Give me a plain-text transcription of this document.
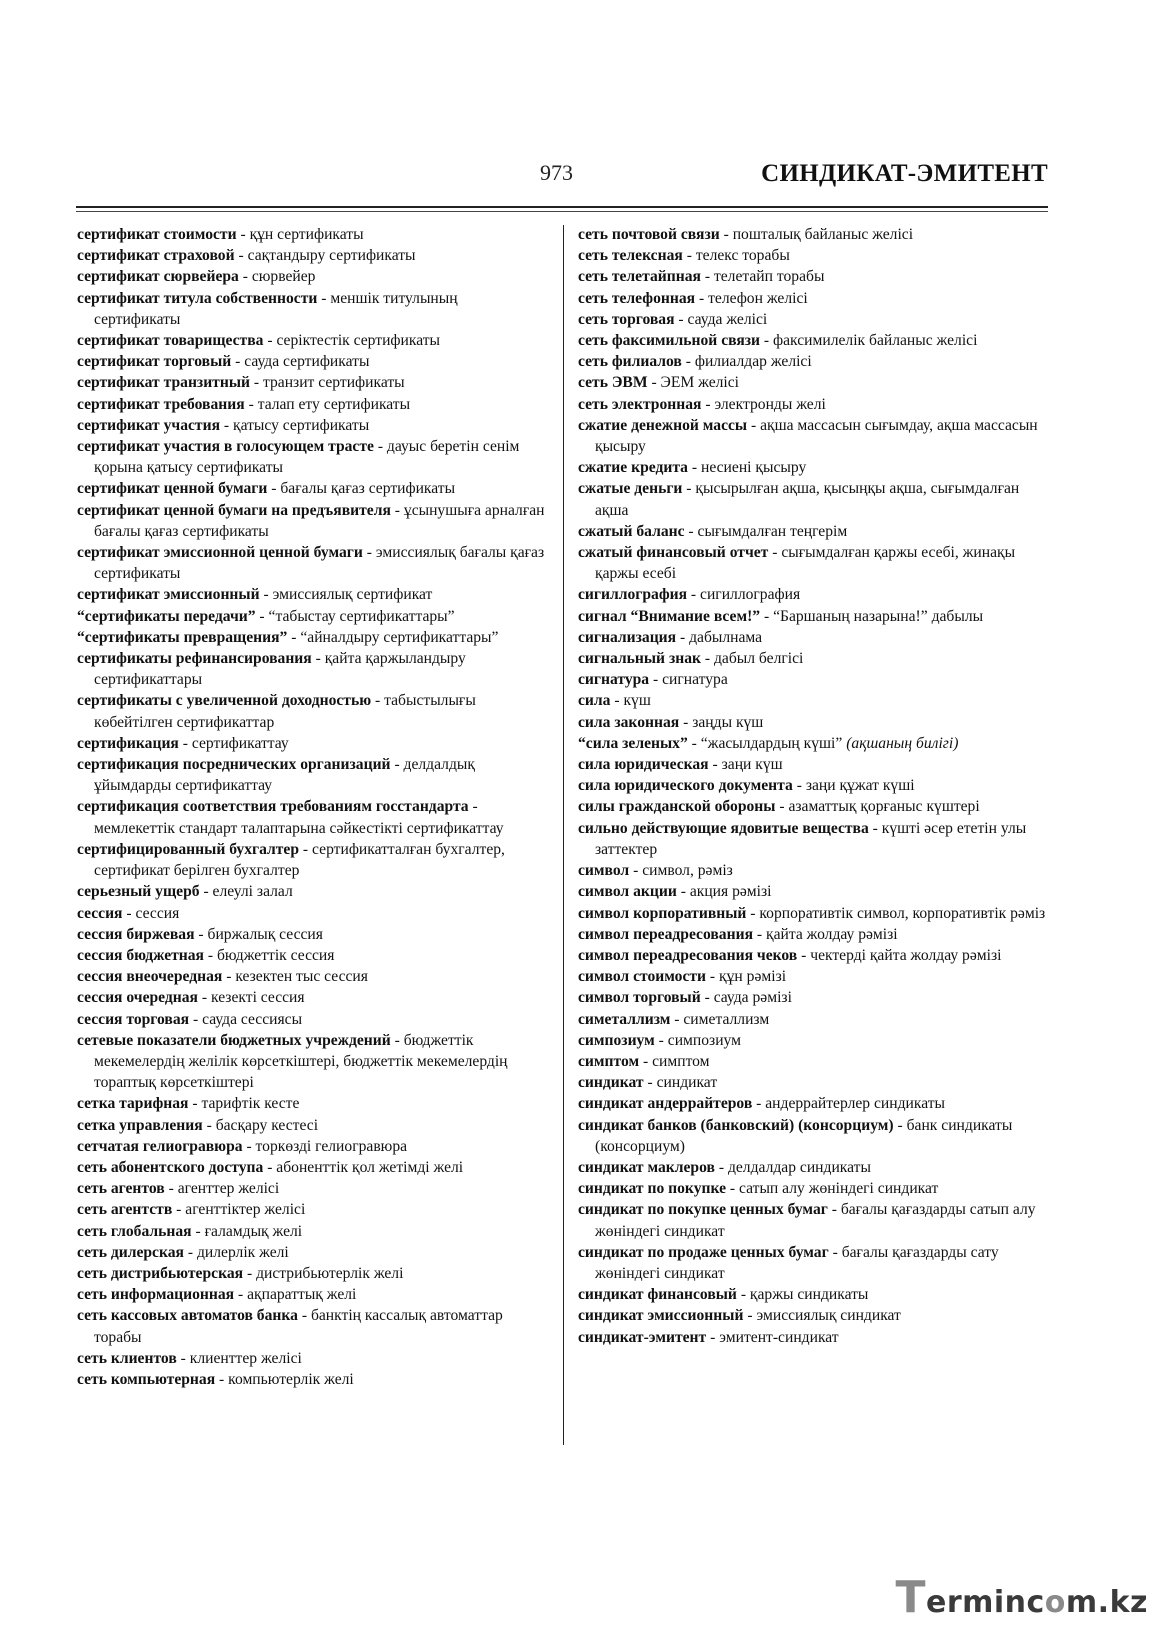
973	СИНДИКАТ-ЭМИТЕНТ

сертификат стоимости - құн сертификаты

сертификат страховой - сақтандыру сертификаты

сертификат сюрвейера - сюрвейер

сертификат титула собственности - меншік титулының сертификаты

сертификат товарищества - серіктестік сертификаты

сертификат торговый - сауда сертификаты

сертификат транзитный - транзит сертификаты

сертификат требования - талап ету сертификаты

сертификат участия - қатысу сертификаты

сертификат участия в голосующем трасте - дауыс беретін сенім қорына қатысу сертификаты

сертификат ценной бумаги - бағалы қағаз сертификаты

сертификат ценной бумаги на предъявителя - ұсынушыға арналған бағалы қағаз сертификаты

сертификат эмиссионной ценной бумаги - эмиссиялық бағалы қағаз сертификаты

сертификат эмиссионный - эмиссиялық сертификат

“сертификаты передачи” - “табыстау сертификаттары”

“сертификаты превращения” - “айналдыру сертификаттары”

сертификаты рефинансирования - қайта қаржыландыру сертификаттары

сертификаты с увеличенной доходностью - табыстылығы көбейтілген сертификаттар

сертификация - сертификаттау

сертификация посреднических организаций - делдалдық ұйымдарды сертификаттау

сертификация соответствия требованиям госстандарта - мемлекеттік стандарт талаптарына сәйкестікті сертификаттау

сертифицированный бухгалтер - сертификатталған бухгалтер, сертификат берілген бухгалтер

серьезный ущерб - елеулі залал

сессия - сессия

сессия биржевая - биржалық сессия

сессия бюджетная - бюджеттік сессия

сессия внеочередная - кезектен тыс сессия

сессия очередная - кезекті сессия

сессия торговая - сауда сессиясы

сетевые показатели бюджетных учреждений - бюджеттік мекемелердің желілік көрсеткіштері, бюджеттік мекемелердің тораптық көрсеткіштері

сетка тарифная - тарифтік кесте

сетка управления - басқару кестесі

сетчатая гелиогравюра - торкөзді гелиогравюра

сеть абонентского доступа - абоненттік қол жетімді желі

сеть агентов - агенттер желісі

сеть агентств - агенттіктер желісі

сеть глобальная - ғаламдық желі

сеть дилерская - дилерлік желі

сеть дистрибьютерская - дистрибьютерлік желі

сеть информационная - ақпараттық желі

сеть кассовых автоматов банка - банктің кассалық автоматтар торабы

сеть клиентов - клиенттер желісі

сеть компьютерная - компьютерлік желі

сеть почтовой связи - пошталық байланыс желісі

сеть телексная - телекс торабы

сеть телетайпная - телетайп торабы

сеть телефонная - телефон желісі

сеть торговая - сауда желісі

сеть факсимильной связи - факсимилелік байланыс желісі

сеть филиалов - филиалдар желісі

сеть ЭВМ - ЭЕМ желісі

сеть электронная - электронды желі

сжатие денежной массы - ақша массасын сығымдау, ақша массасын қысыру

сжатие кредита - несиені қысыру

сжатые деньги - қысырылған ақша, қысыңқы ақша, сығымдалған ақша

сжатый баланс - сығымдалған теңгерім

сжатый финансовый отчет - сығымдалған қаржы есебі, жинақы қаржы есебі

сигиллография - сигиллография

сигнал “Внимание всем!” - “Баршаның назарына!” дабылы

сигнализация - дабылнама

сигнальный знак - дабыл белгісі

сигнатура - сигнатура

сила - күш

сила законная - заңды күш

“сила зеленых” - “жасылдардың күші” (ақшаның билігі)

сила юридическая - заңи күш

сила юридического документа - заңи құжат күші

силы гражданской обороны - азаматтық қорғаныс күштері

сильно действующие ядовитые вещества - күшті әсер ететін улы заттектер

символ - символ, рәміз

символ акции - акция рәмізі

символ корпоративный - корпоративтік символ, корпоративтік рәміз

символ переадресования - қайта жолдау рәмізі

символ переадресования чеков - чектерді қайта жолдау рәмізі

символ стоимости - құн рәмізі

символ торговый - сауда рәмізі

симеталлизм - симеталлизм

симпозиум - симпозиум

симптом - симптом

синдикат - синдикат

синдикат андеррайтеров - андеррайтерлер синдикаты

синдикат банков (банковский) (консорциум) - банк синдикаты (консорциум)

синдикат маклеров - делдалдар синдикаты

синдикат по покупке - сатып алу жөніндегі синдикат

синдикат по покупке ценных бумаг - бағалы қағаздарды сатып алу жөніндегі синдикат

синдикат по продаже ценных бумаг - бағалы қағаздарды сату жөніндегі синдикат

синдикат финансовый - қаржы синдикаты

синдикат эмиссионный - эмиссиялық синдикат

синдикат-эмитент - эмитент-синдикат

Termincom.kz
